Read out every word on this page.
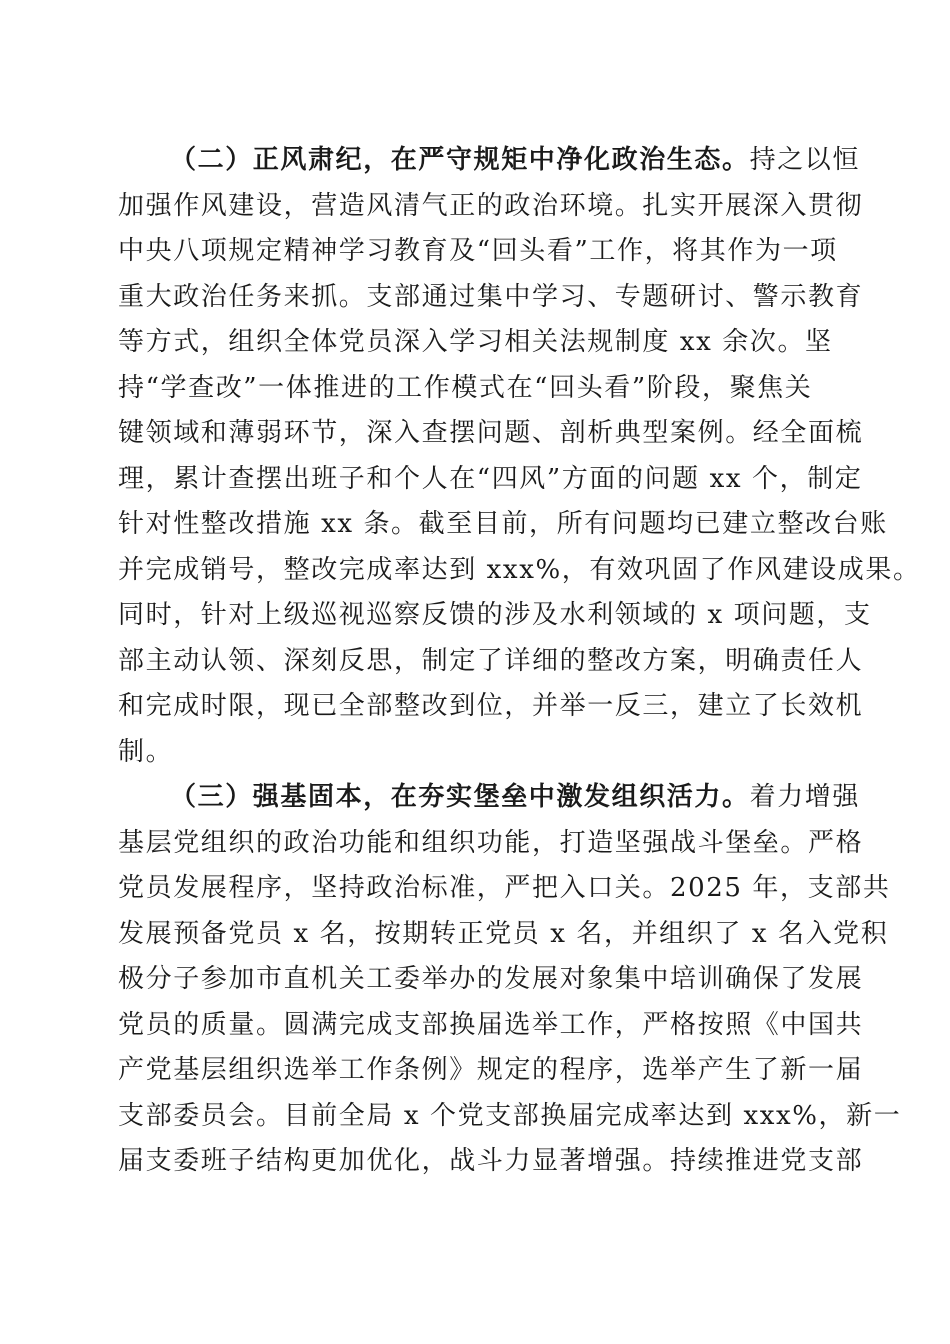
（二）正风肃纪，在严守规矩中净化政治生态。持之以恒
加强作风建设，营造风清气正的政治环境。扎实开展深入贯彻
中央八项规定精神学习教育及“回头看”工作，将其作为一项
重大政治任务来抓。支部通过集中学习、专题研讨、警示教育
等方式，组织全体党员深入学习相关法规制度 xx 余次。坚
持“学查改”一体推进的工作模式在“回头看”阶段，聚焦关
键领域和薄弱环节，深入查摆问题、剖析典型案例。经全面梳
理，累计查摆出班子和个人在“四风”方面的问题 xx 个，制定
针对性整改措施 xx 条。截至目前，所有问题均已建立整改台账
并完成销号，整改完成率达到 xxx%，有效巩固了作风建设成果。
同时，针对上级巡视巡察反馈的涉及水利领域的 x 项问题，支
部主动认领、深刻反思，制定了详细的整改方案，明确责任人
和完成时限，现已全部整改到位，并举一反三，建立了长效机
制。
（三）强基固本，在夯实堡垒中激发组织活力。着力增强
基层党组织的政治功能和组织功能，打造坚强战斗堡垒。严格
党员发展程序，坚持政治标准，严把入口关。2025 年，支部共
发展预备党员 x 名，按期转正党员 x 名，并组织了 x 名入党积
极分子参加市直机关工委举办的发展对象集中培训确保了发展
党员的质量。圆满完成支部换届选举工作，严格按照《中国共
产党基层组织选举工作条例》规定的程序，选举产生了新一届
支部委员会。目前全局 x 个党支部换届完成率达到 xxx%，新一
届支委班子结构更加优化，战斗力显著增强。持续推进党支部
